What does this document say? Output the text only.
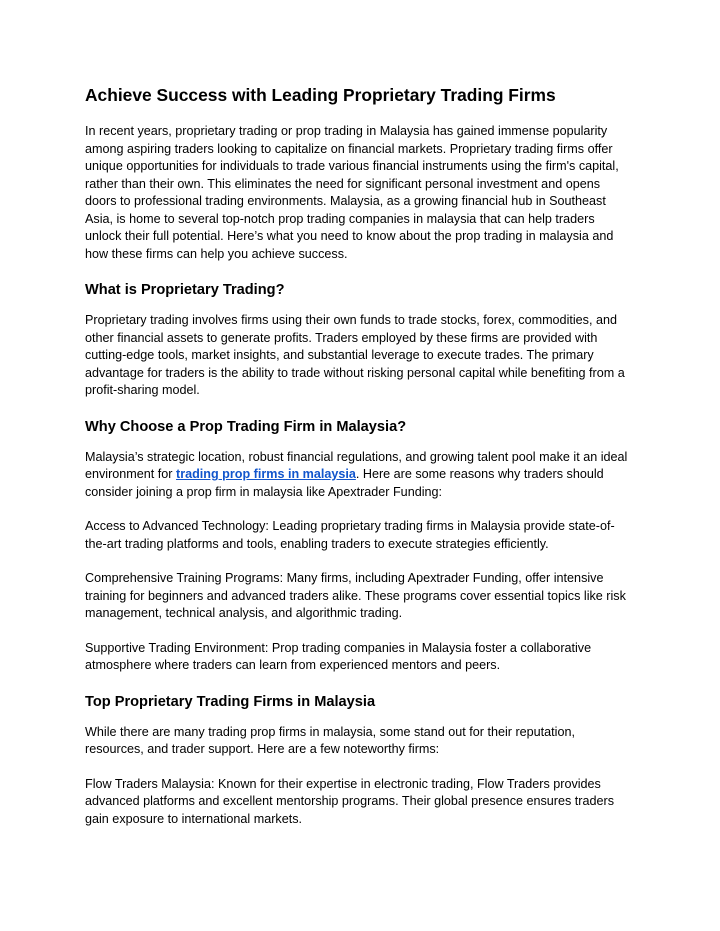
Achieve Success with Leading Proprietary Trading Firms

In recent years, proprietary trading or prop trading in Malaysia has gained immense popularity among aspiring traders looking to capitalize on financial markets. Proprietary trading firms offer unique opportunities for individuals to trade various financial instruments using the firm's capital, rather than their own. This eliminates the need for significant personal investment and opens doors to professional trading environments. Malaysia, as a growing financial hub in Southeast Asia, is home to several top-notch prop trading companies in malaysia that can help traders unlock their full potential. Here’s what you need to know about the prop trading in malaysia and how these firms can help you achieve success.

What is Proprietary Trading?

Proprietary trading involves firms using their own funds to trade stocks, forex, commodities, and other financial assets to generate profits. Traders employed by these firms are provided with cutting-edge tools, market insights, and substantial leverage to execute trades. The primary advantage for traders is the ability to trade without risking personal capital while benefiting from a profit-sharing model.

Why Choose a Prop Trading Firm in Malaysia?

Malaysia’s strategic location, robust financial regulations, and growing talent pool make it an ideal environment for trading prop firms in malaysia. Here are some reasons why traders should consider joining a prop firm in malaysia like Apextrader Funding:

Access to Advanced Technology: Leading proprietary trading firms in Malaysia provide state-of-the-art trading platforms and tools, enabling traders to execute strategies efficiently.

Comprehensive Training Programs: Many firms, including Apextrader Funding, offer intensive training for beginners and advanced traders alike. These programs cover essential topics like risk management, technical analysis, and algorithmic trading.

Supportive Trading Environment: Prop trading companies in Malaysia foster a collaborative atmosphere where traders can learn from experienced mentors and peers.

Top Proprietary Trading Firms in Malaysia

While there are many trading prop firms in malaysia, some stand out for their reputation, resources, and trader support. Here are a few noteworthy firms:

Flow Traders Malaysia: Known for their expertise in electronic trading, Flow Traders provides advanced platforms and excellent mentorship programs. Their global presence ensures traders gain exposure to international markets.
